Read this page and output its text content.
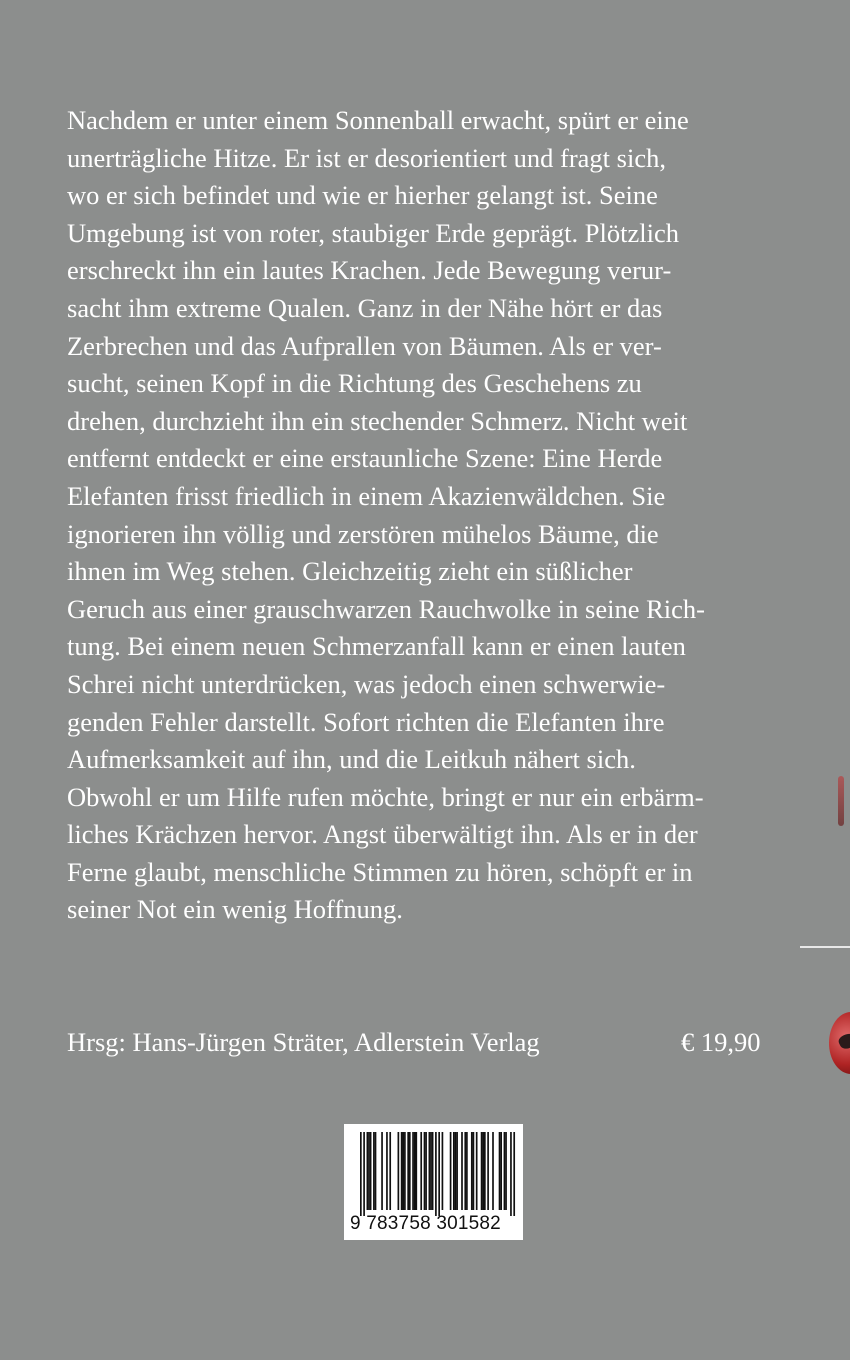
Nachdem er unter einem Sonnenball erwacht, spürt er eine
unerträgliche Hitze. Er ist er desorientiert und fragt sich,
wo er sich befindet und wie er hierher gelangt ist. Seine
Umgebung ist von roter, staubiger Erde geprägt. Plötzlich
erschreckt ihn ein lautes Krachen. Jede Bewegung verur-
sacht ihm extreme Qualen. Ganz in der Nähe hört er das
Zerbrechen und das Aufprallen von Bäumen. Als er ver-
sucht, seinen Kopf in die Richtung des Geschehens zu
drehen, durchzieht ihn ein stechender Schmerz. Nicht weit
entfernt entdeckt er eine erstaunliche Szene: Eine Herde
Elefanten frisst friedlich in einem Akazienwäldchen. Sie
ignorieren ihn völlig und zerstören mühelos Bäume, die
ihnen im Weg stehen. Gleichzeitig zieht ein süßlicher
Geruch aus einer grauschwarzen Rauchwolke in seine Rich-
tung. Bei einem neuen Schmerzanfall kann er einen lauten
Schrei nicht unterdrücken, was jedoch einen schwerwie-
genden Fehler darstellt. Sofort richten die Elefanten ihre
Aufmerksamkeit auf ihn, und die Leitkuh nähert sich.
Obwohl er um Hilfe rufen möchte, bringt er nur ein erbärm-
liches Krächzen hervor. Angst überwältigt ihn. Als er in der
Ferne glaubt, menschliche Stimmen zu hören, schöpft er in
seiner Not ein wenig Hoffnung.
Hrsg: Hans-Jürgen Sträter, Adlerstein Verlag	€ 19,90
9 783758 301582
